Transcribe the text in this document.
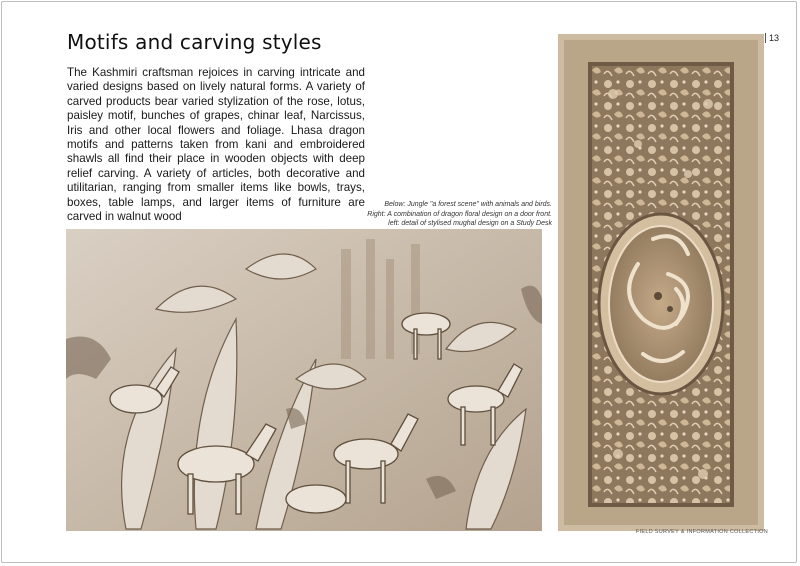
Motifs and carving styles
The Kashmiri craftsman rejoices in carving intricate and varied designs based on lively natural forms. A variety of carved products bear varied stylization of the rose, lotus, paisley motif, bunches of grapes, chinar leaf, Narcissus, Iris and other local flowers and foliage. Lhasa dragon motifs and patterns taken from kani and embroidered shawls all find their place in wooden objects with deep relief carving. A variety of articles, both decorative and utilitarian, ranging from smaller items like bowls, trays, boxes, table lamps, and larger items of furniture are carved in walnut wood
Below: Jungle "a forest scene" with animals and birds.
Right: A combination of dragon floral design on a door front.
left: detail of stylised mughal design on a Study Desk
13
FIELD SURVEY & INFORMATION COLLECTION
